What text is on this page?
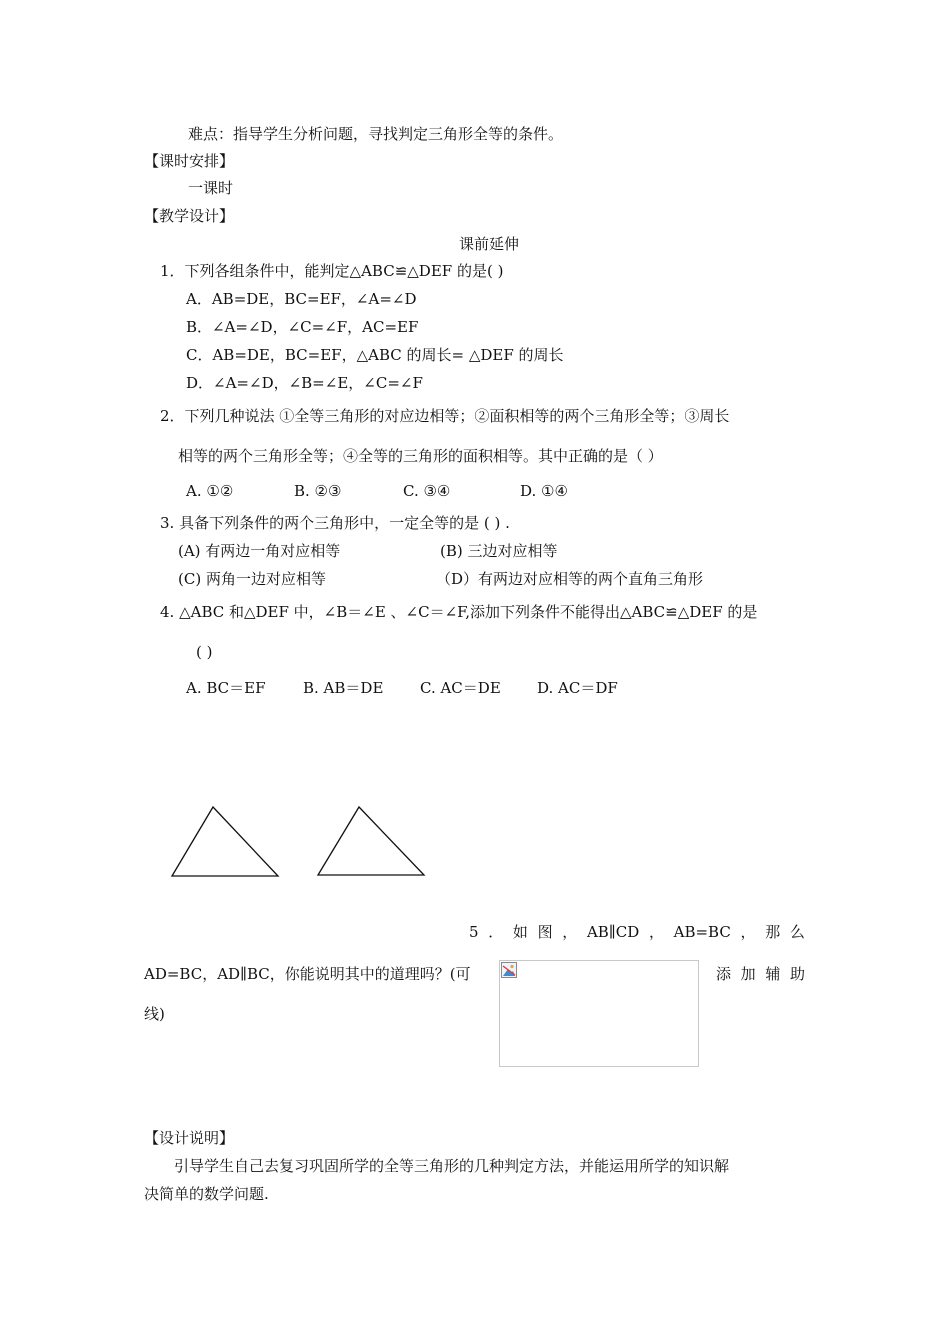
难点：指导学生分析问题，寻找判定三角形全等的条件。
【课时安排】
一课时
【教学设计】
课前延伸
1．下列各组条件中，能判定△ABC≌△DEF 的是( )
A．AB=DE，BC=EF，∠A=∠D
B．∠A=∠D，∠C=∠F，AC=EF
C．AB=DE，BC=EF，△ABC 的周长= △DEF 的周长
D．∠A=∠D，∠B=∠E，∠C=∠F
2．下列几种说法 ①全等三角形的对应边相等；②面积相等的两个三角形全等；③周长
相等的两个三角形全等；④全等的三角形的面积相等。其中正确的是（ ）
A. ①②	B. ②③	C. ③④	D. ①④
3. 具备下列条件的两个三角形中，一定全等的是 ( ) .
(A) 有两边一角对应相等	(B) 三边对应相等
(C) 两角一边对应相等	（D）有两边对应相等的两个直角三角形
4. △ABC 和△DEF 中，∠B＝∠E 、∠C＝∠F,添加下列条件不能得出△ABC≌△DEF 的是
( )
A. BC＝EF B. AB＝DE C. AC＝DE D. AC＝DF
5 ． 如 图 ， AB∥CD ， AB=BC ， 那 么
AD=BC，AD∥BC，你能说明其中的道理吗？(可	添 加 辅 助
线)
【设计说明】
引导学生自己去复习巩固所学的全等三角形的几种判定方法，并能运用所学的知识解
决简单的数学问题.
